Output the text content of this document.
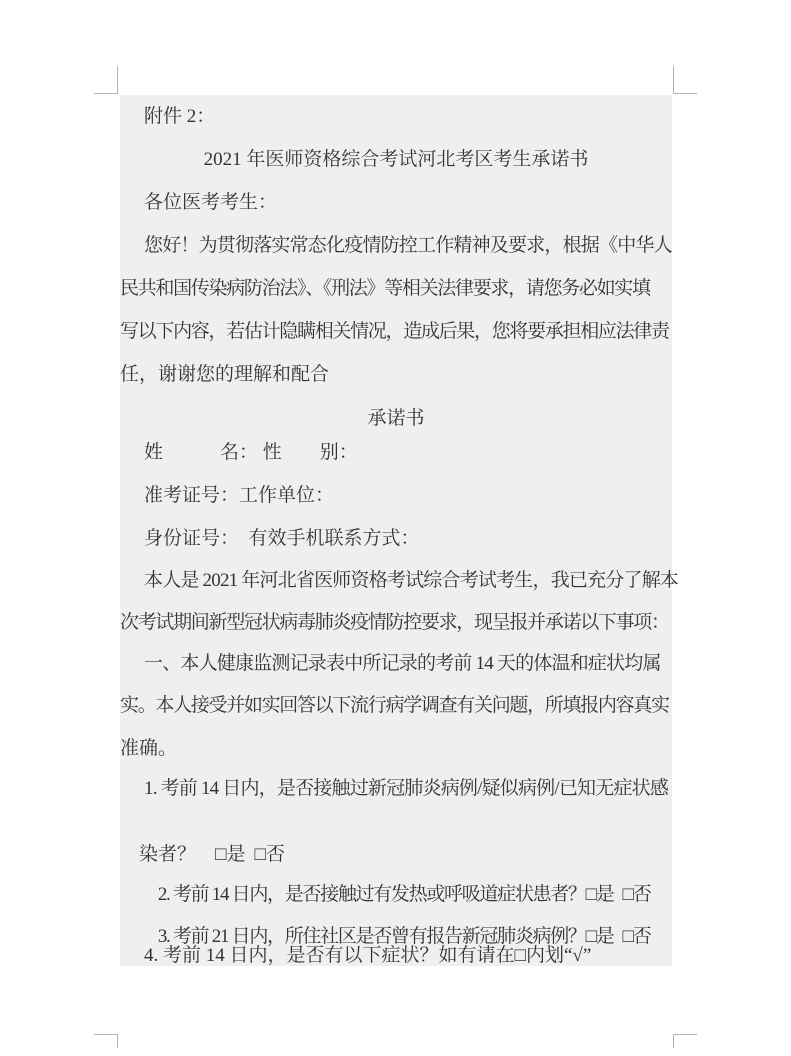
附件 2：
2021 年医师资格综合考试河北考区考生承诺书
各位医考考生：
您好！为贯彻落实常态化疫情防控工作精神及要求，根据《中华人
民共和国传染病防治法》、《刑法》等相关法律要求，请您务必如实填
写以下内容，若估计隐瞒相关情况，造成后果，您将要承担相应法律责
任，谢谢您的理解和配合
承诺书
姓　　　名： 性　　别：
准考证号：工作单位：
身份证号：　有效手机联系方式：
本人是 2021 年河北省医师资格考试综合考试考生，我已充分了解本
次考试期间新型冠状病毒肺炎疫情防控要求，现呈报并承诺以下事项：
一、本人健康监测记录表中所记录的考前 14 天的体温和症状均属
实。本人接受并如实回答以下流行病学调查有关问题，所填报内容真实
准确。
1. 考前 14 日内，是否接触过新冠肺炎病例/疑似病例/已知无症状感

染者？　□是 □否

2. 考前 14 日内，是否接触过有发热或呼吸道症状患者？□是 □否

3. 考前 21 日内，所住社区是否曾有报告新冠肺炎病例？□是 □否

4. 考前 14 日内，是否有以下症状？如有请在□内划“√”
